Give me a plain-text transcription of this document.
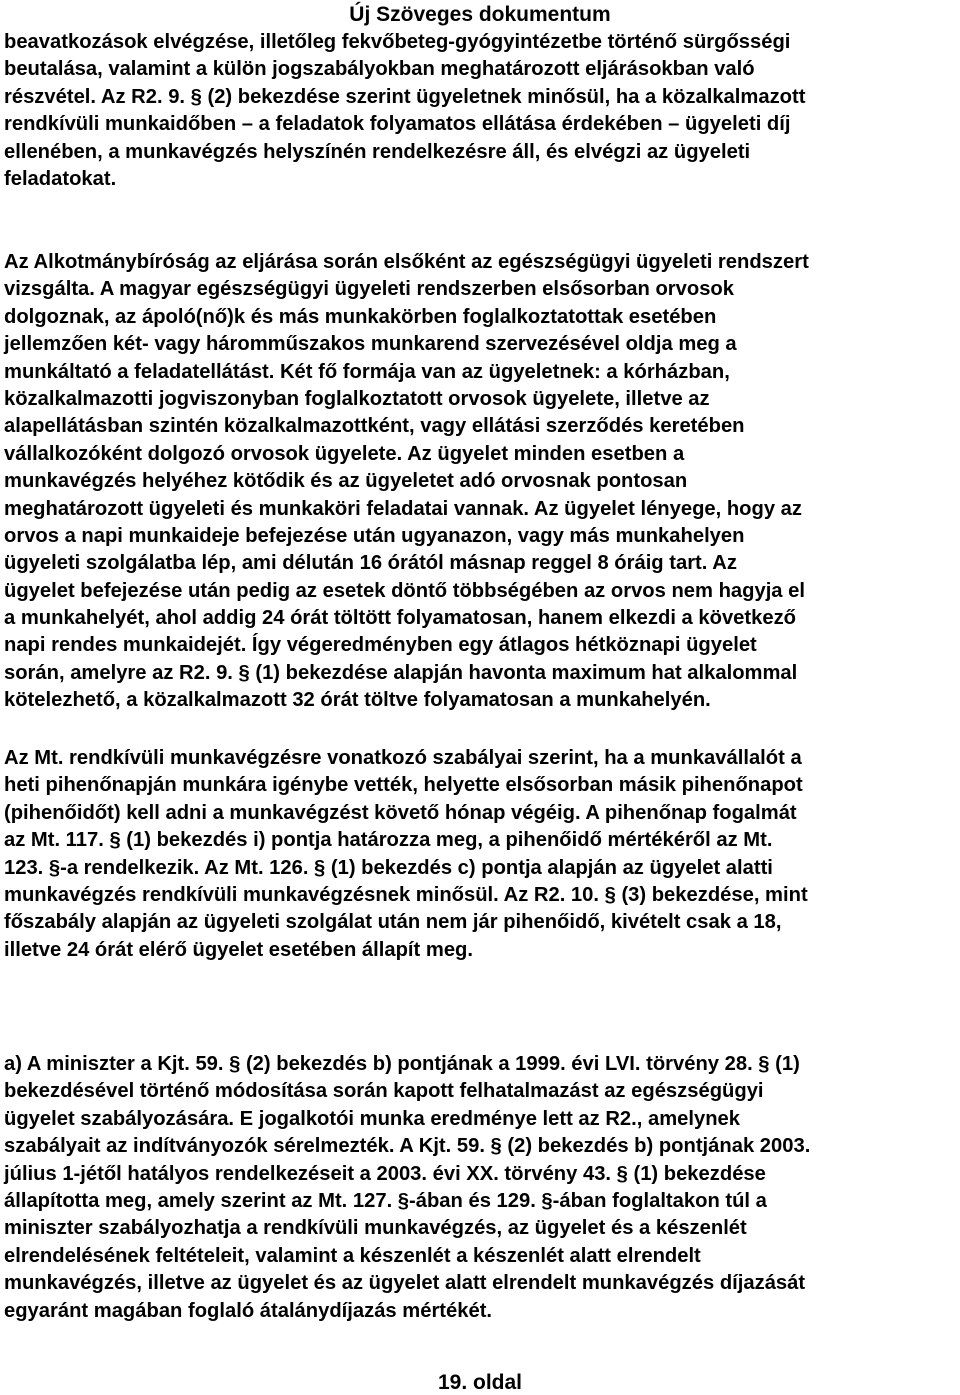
Új Szöveges dokumentum

beavatkozások elvégzése, illetőleg fekvőbeteg-gyógyintézetbe történő sürgősségi
beutalása, valamint a külön jogszabályokban meghatározott eljárásokban való
részvétel. Az R2. 9. § (2) bekezdése szerint ügyeletnek minősül, ha a közalkalmazott
rendkívüli munkaidőben – a feladatok folyamatos ellátása érdekében – ügyeleti díj
ellenében, a munkavégzés helyszínén rendelkezésre áll, és elvégzi az ügyeleti
feladatokat.

Az Alkotmánybíróság az eljárása során elsőként az egészségügyi ügyeleti rendszert
vizsgálta. A magyar egészségügyi ügyeleti rendszerben elsősorban orvosok
dolgoznak, az ápoló(nő)k és más munkakörben foglalkoztatottak esetében
jellemzően két- vagy háromműszakos munkarend szervezésével oldja meg a
munkáltató a feladatellátást. Két fő formája van az ügyeletnek: a kórházban,
közalkalmazotti jogviszonyban foglalkoztatott orvosok ügyelete, illetve az
alapellátásban szintén közalkalmazottként, vagy ellátási szerződés keretében
vállalkozóként dolgozó orvosok ügyelete. Az ügyelet minden esetben a
munkavégzés helyéhez kötődik és az ügyeletet adó orvosnak pontosan
meghatározott ügyeleti és munkaköri feladatai vannak. Az ügyelet lényege, hogy az
orvos a napi munkaideje befejezése után ugyanazon, vagy más munkahelyen
ügyeleti szolgálatba lép, ami délután 16 órától másnap reggel 8 óráig tart. Az
ügyelet befejezése után pedig az esetek döntő többségében az orvos nem hagyja el
a munkahelyét, ahol addig 24 órát töltött folyamatosan, hanem elkezdi a következő
napi rendes munkaidejét. Így végeredményben egy átlagos hétköznapi ügyelet
során, amelyre az R2. 9. § (1) bekezdése alapján havonta maximum hat alkalommal
kötelezhető, a közalkalmazott 32 órát töltve folyamatosan a munkahelyén.

Az Mt. rendkívüli munkavégzésre vonatkozó szabályai szerint, ha a munkavállalót a
heti pihenőnapján munkára igénybe vették, helyette elsősorban másik pihenőnapot
(pihenőidőt) kell adni a munkavégzést követő hónap végéig. A pihenőnap fogalmát
az Mt. 117. § (1) bekezdés i) pontja határozza meg, a pihenőidő mértékéről az Mt.
123. §-a rendelkezik. Az Mt. 126. § (1) bekezdés c) pontja alapján az ügyelet alatti
munkavégzés rendkívüli munkavégzésnek minősül. Az R2. 10. § (3) bekezdése, mint
főszabály alapján az ügyeleti szolgálat után nem jár pihenőidő, kivételt csak a 18,
illetve 24 órát elérő ügyelet esetében állapít meg.

a) A miniszter a Kjt. 59. § (2) bekezdés b) pontjának a 1999. évi LVI. törvény 28. § (1)
bekezdésével történő módosítása során kapott felhatalmazást az egészségügyi
ügyelet szabályozására. E jogalkotói munka eredménye lett az R2., amelynek
szabályait az indítványozók sérelmezték. A Kjt. 59. § (2) bekezdés b) pontjának 2003.
július 1-jétől hatályos rendelkezéseit a 2003. évi XX. törvény 43. § (1) bekezdése
állapította meg, amely szerint az Mt. 127. §-ában és 129. §-ában foglaltakon túl a
miniszter szabályozhatja a rendkívüli munkavégzés, az ügyelet és a készenlét
elrendelésének feltételeit, valamint a készenlét a készenlét alatt elrendelt
munkavégzés, illetve az ügyelet és az ügyelet alatt elrendelt munkavégzés díjazását
egyaránt magában foglaló átalánydíjazás mértékét.

19. oldal
